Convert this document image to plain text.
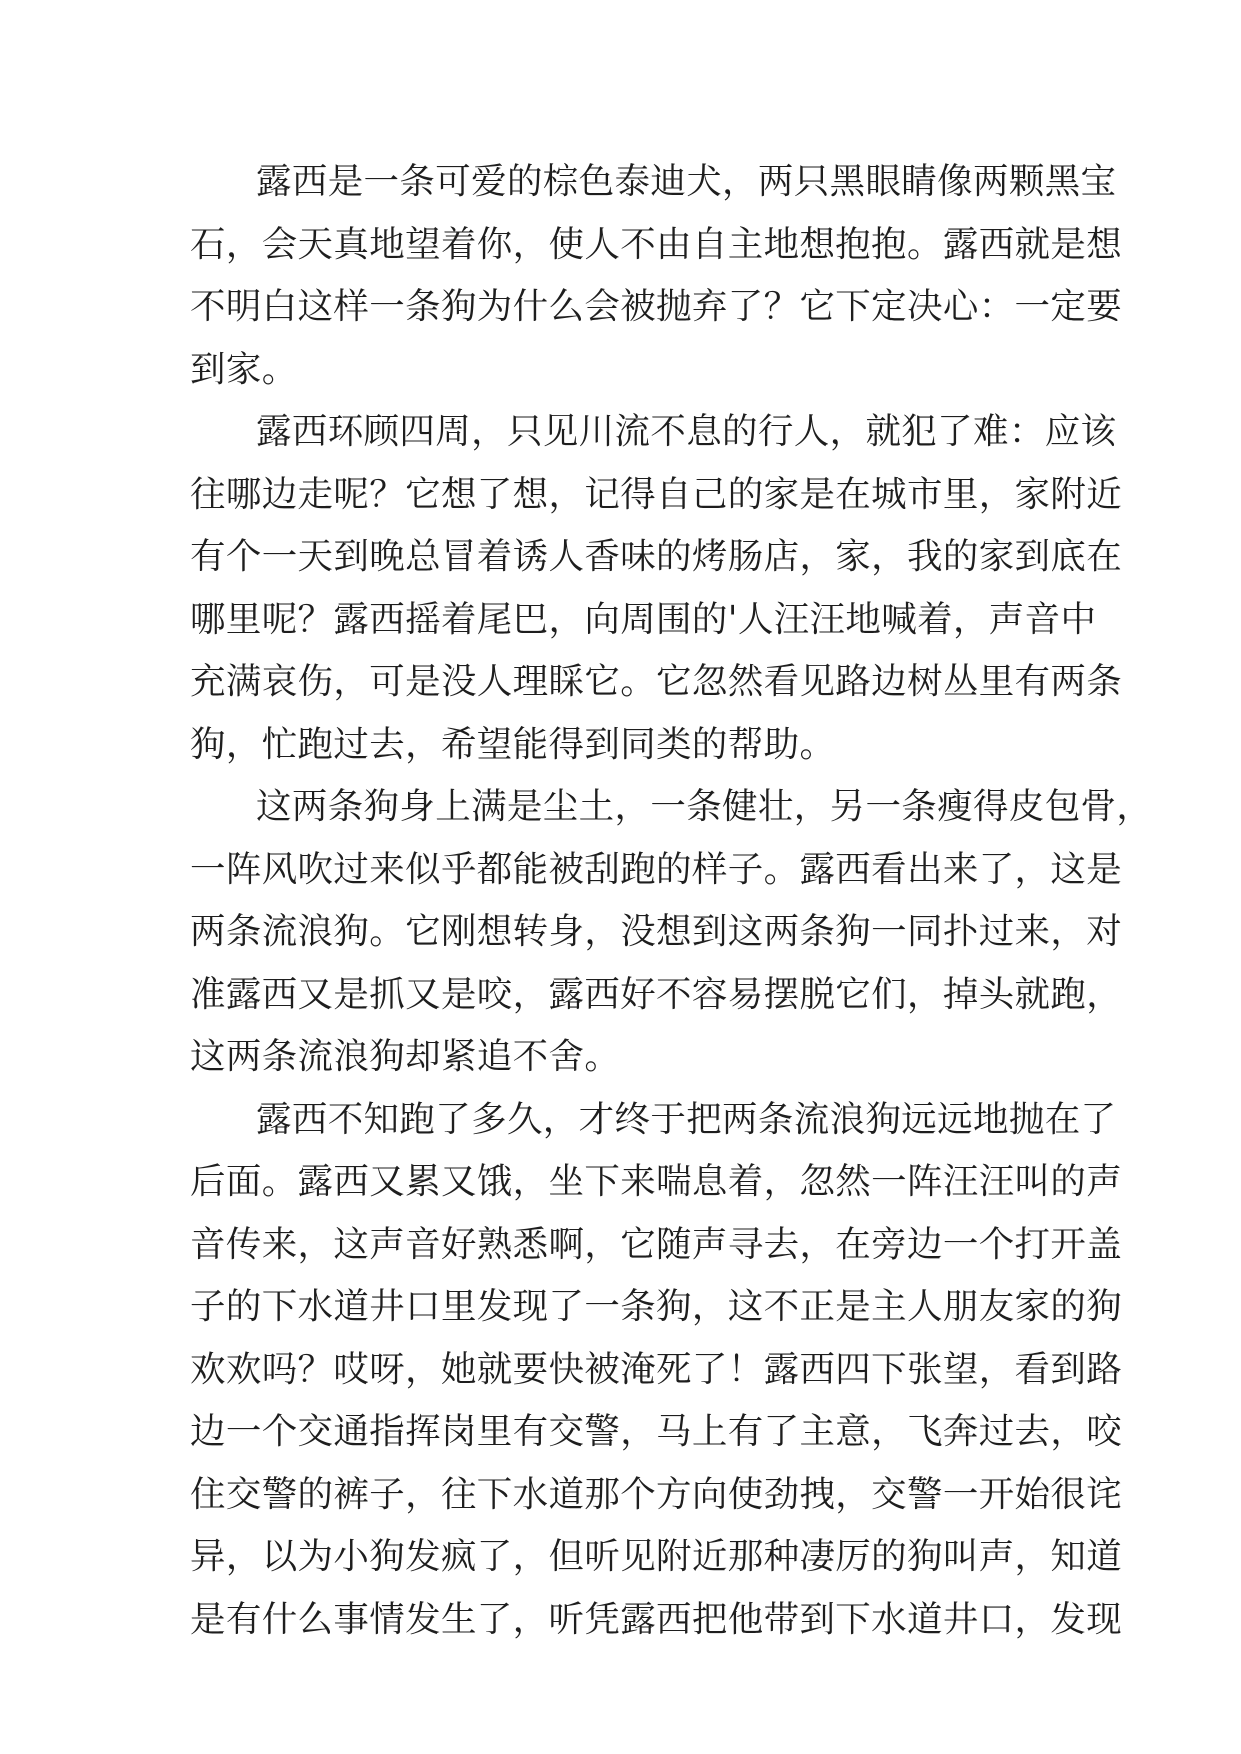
露西是一条可爱的棕色泰迪犬，两只黑眼睛像两颗黑宝
石，会天真地望着你，使人不由自主地想抱抱。露西就是想
不明白这样一条狗为什么会被抛弃了？它下定决心：一定要
到家。
露西环顾四周，只见川流不息的行人，就犯了难：应该
往哪边走呢？它想了想，记得自己的家是在城市里，家附近
有个一天到晚总冒着诱人香味的烤肠店，家，我的家到底在
哪里呢？露西摇着尾巴，向周围的'人汪汪地喊着，声音中
充满哀伤，可是没人理睬它。它忽然看见路边树丛里有两条
狗，忙跑过去，希望能得到同类的帮助。
这两条狗身上满是尘土，一条健壮，另一条瘦得皮包骨，
一阵风吹过来似乎都能被刮跑的样子。露西看出来了，这是
两条流浪狗。它刚想转身，没想到这两条狗一同扑过来，对
准露西又是抓又是咬，露西好不容易摆脱它们，掉头就跑，
这两条流浪狗却紧追不舍。
露西不知跑了多久，才终于把两条流浪狗远远地抛在了
后面。露西又累又饿，坐下来喘息着，忽然一阵汪汪叫的声
音传来，这声音好熟悉啊，它随声寻去，在旁边一个打开盖
子的下水道井口里发现了一条狗，这不正是主人朋友家的狗
欢欢吗？哎呀，她就要快被淹死了！露西四下张望，看到路
边一个交通指挥岗里有交警，马上有了主意，飞奔过去，咬
住交警的裤子，往下水道那个方向使劲拽，交警一开始很诧
异，以为小狗发疯了，但听见附近那种凄厉的狗叫声，知道
是有什么事情发生了，听凭露西把他带到下水道井口，发现
